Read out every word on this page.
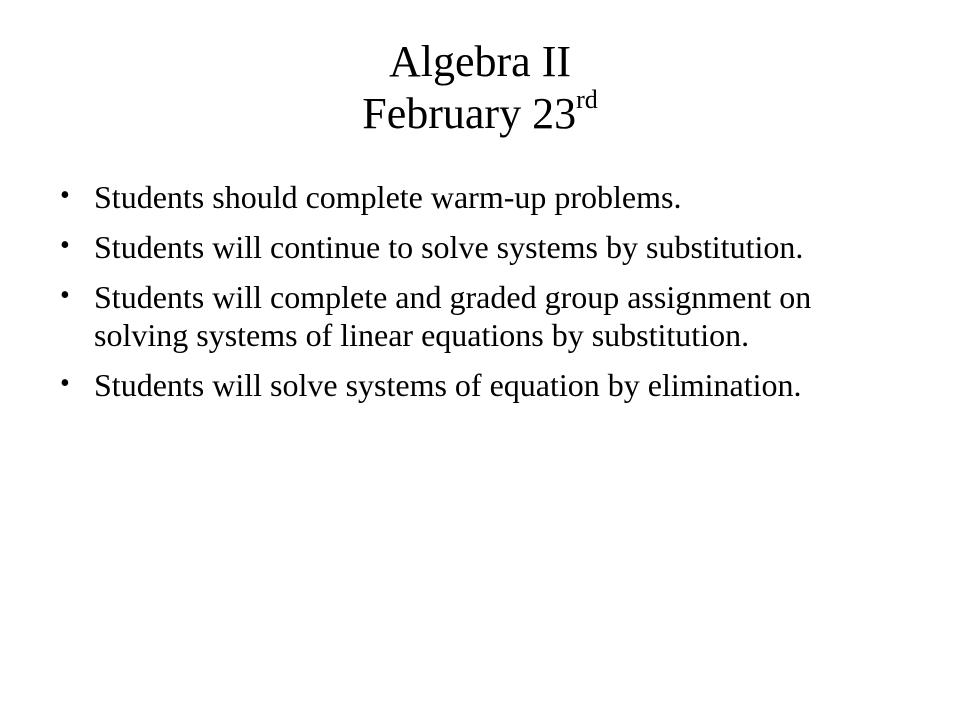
Algebra II
February 23rd
• Students should complete warm-up problems.
• Students will continue to solve systems by substitution.
• Students will complete and graded group assignment on solving systems of linear equations by substitution.
• Students will solve systems of equation by elimination.
